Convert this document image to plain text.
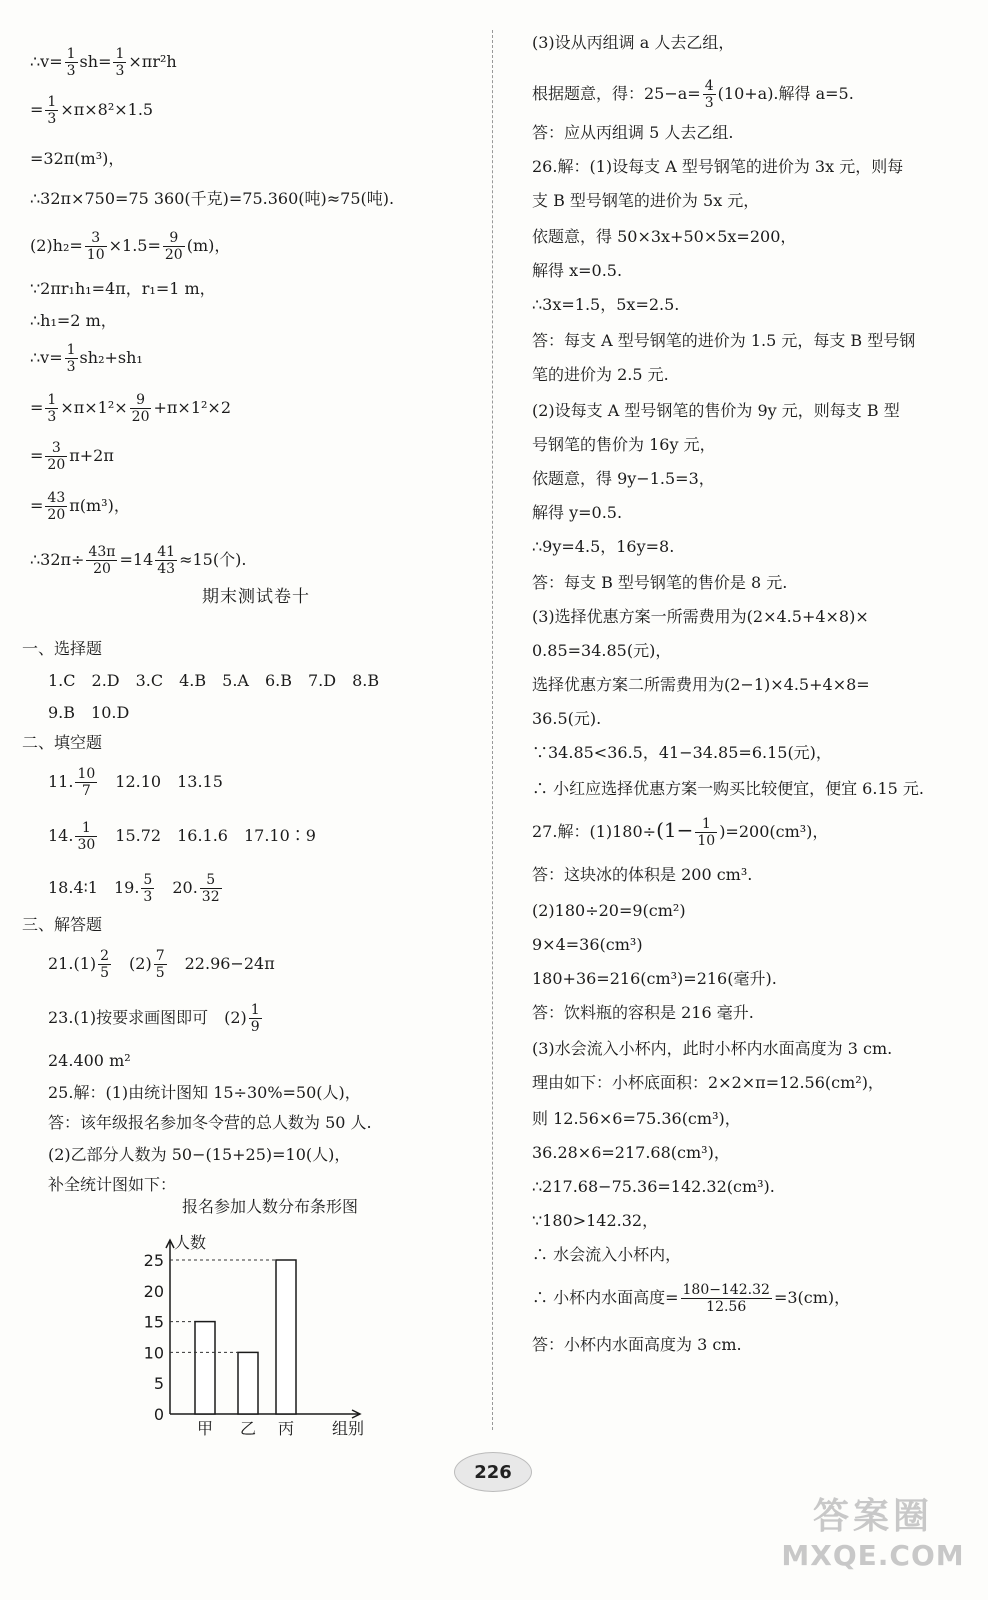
∴v= $\frac{1}{3} sh= \frac{1}{3} \times\pi r^2h$
= $\frac{1}{3} \times\pi\times 8^2\times 1.5$
=32π(m³)，
∴32π×750=75 360(千克)=75.360(吨)≈75(吨).
$(2)h_2= \frac{3}{10} \times 1.5= \frac{9}{20} (m)$，
∵2πr₁h₁=4π，r₁=1 m，
∴h₁=2 m，
∴v= $\frac{1}{3} sh_2+sh_1$
= $\frac{1}{3} \times\pi\times 1^2\times \frac{9}{20} +\pi\times 1^2\times 2$
= $\frac{3}{20} \pi+2\pi$
= $\frac{43}{20} \pi(m^3)$，
∴32π÷ $\frac{43\pi}{20} =14 \frac{41}{43} \approx 15$(个).
期末测试卷十
一、选择题
1.C　2.D　3.C　4.B　5.A　6.B　7.D　8.B
9.B　10.D
二、填空题
11. $\frac{10}{7}$ 　12.10　13.15
14. $\frac{1}{30}$ 　15.72　16.1.6　17.10∶9
18.4∶1　19. $\frac{5}{3}$ 　20. $\frac{5}{32}$
三、解答题
$21.(1) \frac{2}{5}$ 　$(2) \frac{7}{5}$ 　22.96−24π
23.(1)按要求画图即可　$(2) \frac{1}{9}$
24.400 m²
25.解：(1)由统计图知 15÷30%=50(人)，
答：该年级报名参加冬令营的总人数为 50 人.
(2)乙部分人数为 50−(15+25)=10(人)，
补全统计图如下：
报名参加人数分布条形图
人数
组别
0
5
10
15
20
25
甲 乙 丙
(3)设从丙组调 a 人去乙组，
根据题意，得：$25-a= \frac{4}{3} (10+a)$.解得 a=5.
答：应从丙组调 5 人去乙组.
26.解：(1)设每支 A 型号钢笔的进价为 3x 元，则每
支 B 型号钢笔的进价为 5x 元，
依题意，得 50×3x+50×5x=200，
解得 x=0.5.
∴3x=1.5，5x=2.5.
答：每支 A 型号钢笔的进价为 1.5 元，每支 B 型号钢
笔的进价为 2.5 元.
(2)设每支 A 型号钢笔的售价为 9y 元，则每支 B 型
号钢笔的售价为 16y 元，
依题意，得 9y−1.5=3，
解得 y=0.5.
∴9y=4.5，16y=8.
答：每支 B 型号钢笔的售价是 8 元.
(3)选择优惠方案一所需费用为(2×4.5+4×8)×
0.85=34.85(元)，
选择优惠方案二所需费用为(2−1)×4.5+4×8=
36.5(元).
∵34.85<36.5，41−34.85=6.15(元)，
∴ 小红应选择优惠方案一购买比较便宜，便宜 6.15 元.
27.解：$(1)180\div(1- \frac{1}{10} )=200(cm^3)$，
答：这块冰的体积是 200 cm³.
(2)180÷20=9(cm²)
9×4=36(cm³)
180+36=216(cm³)=216(毫升).
答：饮料瓶的容积是 216 毫升.
(3)水会流入小杯内，此时小杯内水面高度为 3 cm.
理由如下：小杯底面积：2×2×π=12.56(cm²)，
则 12.56×6=75.36(cm³)，
36.28×6=217.68(cm³)，
∴217.68−75.36=142.32(cm³).
∵180>142.32，
∴ 水会流入小杯内，
∴ 小杯内水面高度= $\frac{180-142.32}{12.56} =3(cm)$，
答：小杯内水面高度为 3 cm.
226
答案圈
MXQE.COM
